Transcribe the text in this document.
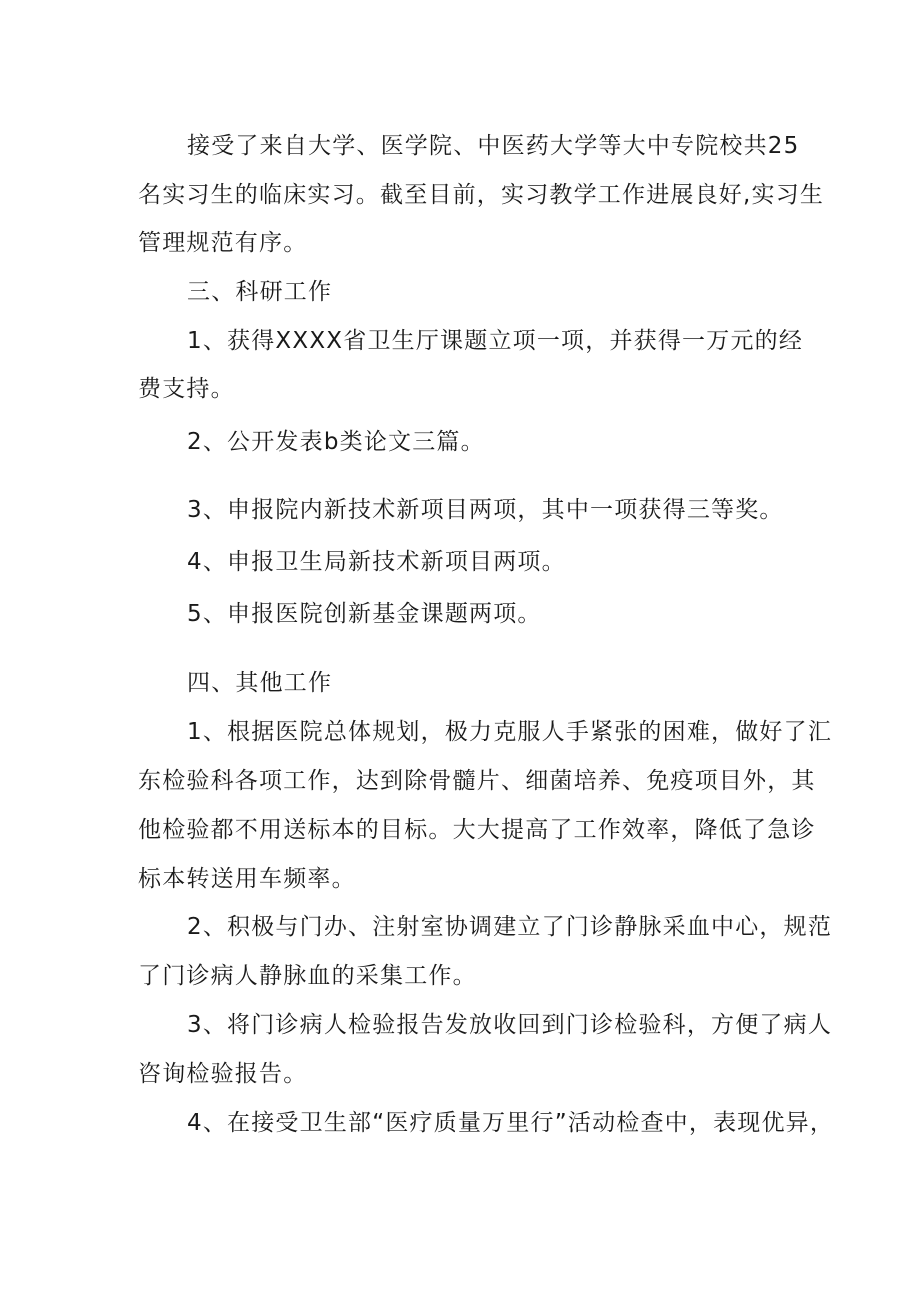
接受了来自大学、医学院、中医药大学等大中专院校共25
名实习生的临床实习。截至目前，实习教学工作进展良好,实习生
管理规范有序。
三、科研工作
1、获得XXXX省卫生厅课题立项一项，并获得一万元的经
费支持。
2、公开发表b类论文三篇。
3、申报院内新技术新项目两项，其中一项获得三等奖。
4、申报卫生局新技术新项目两项。
5、申报医院创新基金课题两项。
四、其他工作
1、根据医院总体规划，极力克服人手紧张的困难，做好了汇
东检验科各项工作，达到除骨髓片、细菌培养、免疫项目外，其
他检验都不用送标本的目标。大大提高了工作效率，降低了急诊
标本转送用车频率。
2、积极与门办、注射室协调建立了门诊静脉采血中心，规范
了门诊病人静脉血的采集工作。
3、将门诊病人检验报告发放收回到门诊检验科，方便了病人
咨询检验报告。
4、在接受卫生部“医疗质量万里行”活动检查中，表现优异，
